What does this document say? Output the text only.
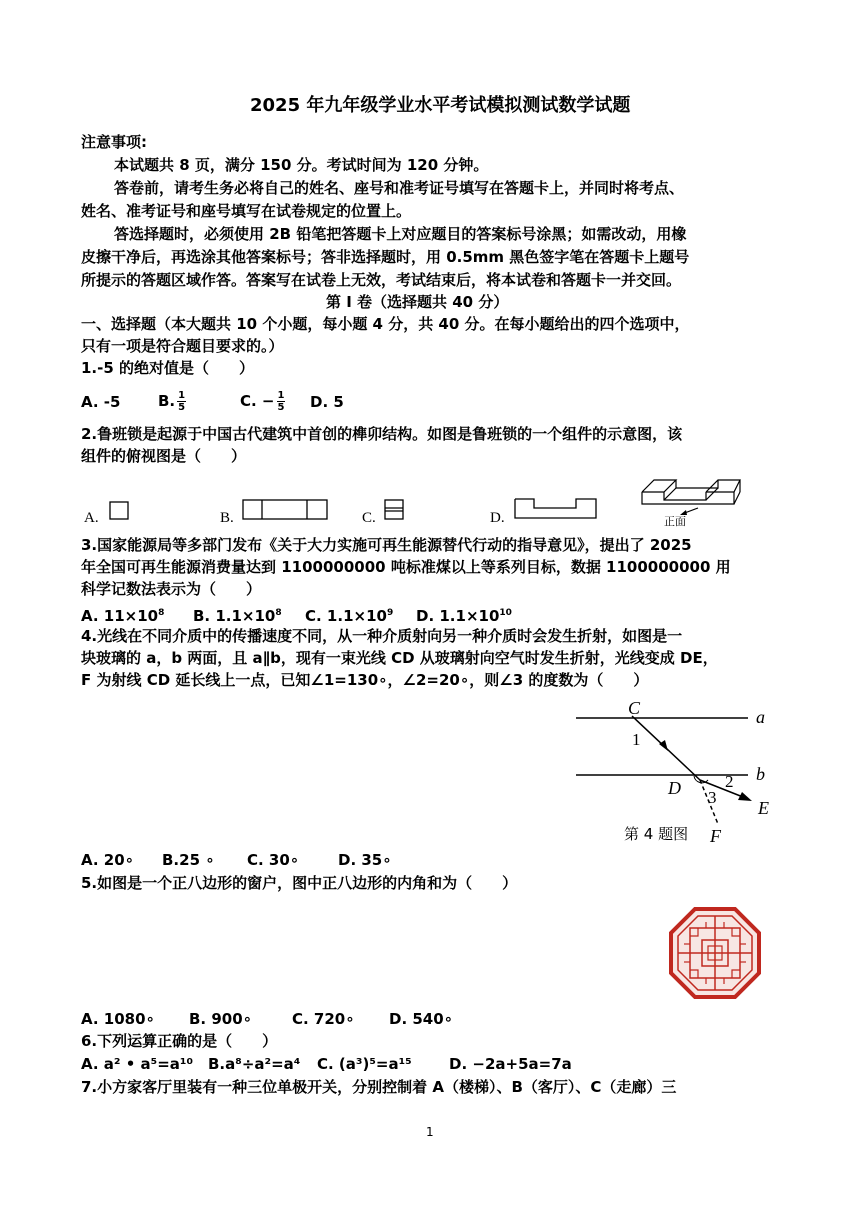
2025 年九年级学业水平考试模拟测试数学试题
注意事项:
本试题共 8 页，满分 150 分。考试时间为 120 分钟。
答卷前，请考生务必将自己的姓名、座号和准考证号填写在答题卡上，并同时将考点、
姓名、准考证号和座号填写在试卷规定的位置上。
答选择题时，必须使用 2B 铅笔把答题卡上对应题目的答案标号涂黑；如需改动，用橡
皮擦干净后，再选涂其他答案标号；答非选择题时，用 0.5mm 黑色签字笔在答题卡上题号
所提示的答题区域作答。答案写在试卷上无效，考试结束后，将本试卷和答题卡一并交回。
第 I 卷（选择题共 40 分）
一、选择题（本大题共 10 个小题，每小题 4 分，共 40 分。在每小题给出的四个选项中，
只有一项是符合题目要求的。）
1.-5 的绝对值是（　　）
A. -5	B. $\frac{1}{5}$	C. − $\frac{1}{5} D$. 5
2.鲁班锁是起源于中国古代建筑中首创的榫卯结构。如图是鲁班锁的一个组件的示意图，该
组件的俯视图是（　　）
A.	B.	C.	D.	正面
3.国家能源局等多部门发布《关于大力实施可再生能源替代行动的指导意见》，提出了 2025
年全国可再生能源消费量达到 1100000000 吨标准煤以上等系列目标，数据 1100000000 用
科学记数法表示为（　　）
A. $11\times 10^8$ B. $1.1\times 10^8$ C. $1.1\times 10^9$ D. $1.1\times 10^{10}$
4.光线在不同介质中的传播速度不同，从一种介质射向另一种介质时会发生折射，如图是一
块玻璃的 a，b 两面，且 a∥b，现有一束光线 CD 从玻璃射向空气时发生折射，光线变成 DE，
F 为射线 CD 延长线上一点，已知∠1=130∘，∠2=20∘，则∠3 的度数为（　　）
C	a
1
b
2
D 3
E
第 4 题图 F
A. 20∘ B.25 ∘ C. 30∘	D. 35∘
5.如图是一个正八边形的窗户，图中正八边形的内角和为（　　）
A. 1080∘ B. 900∘	C. 720∘ D. 540∘
6.下列运算正确的是（　　）
A. a² • a⁵=a¹⁰ B.a⁸÷a²=a⁴ C. (a³)⁵=a¹⁵ D. −2a+5a=7a
7.小方家客厅里装有一种三位单极开关，分别控制着 A（楼梯）、B（客厅）、C（走廊）三
1
